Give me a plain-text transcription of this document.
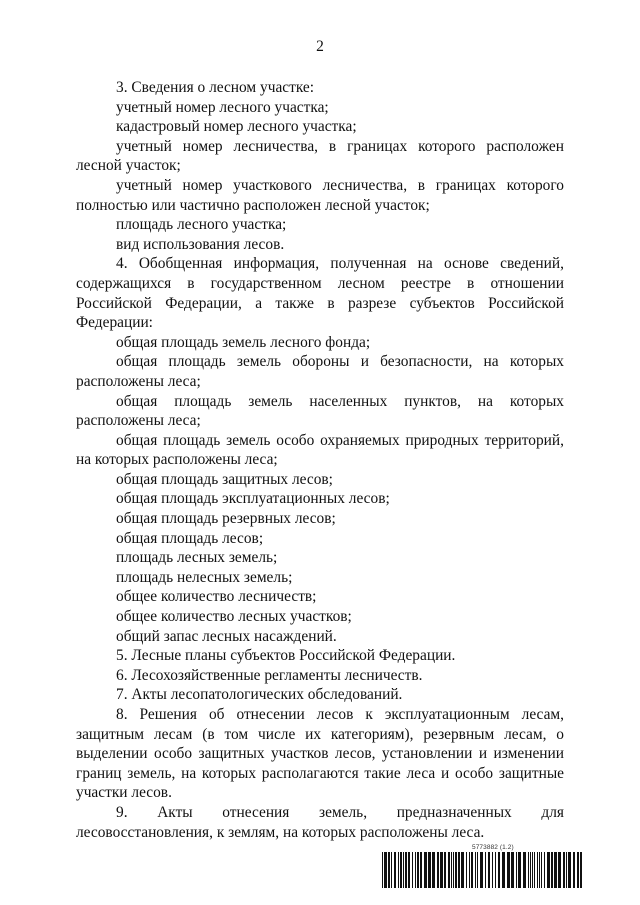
2

3. Сведения о лесном участке:

учетный номер лесного участка;

кадастровый номер лесного участка;

учетный номер лесничества, в границах которого расположен лесной участок;

учетный номер участкового лесничества, в границах которого полностью или частично расположен лесной участок;

площадь лесного участка;

вид использования лесов.

4. Обобщенная информация, полученная на основе сведений, содержащихся в государственном лесном реестре в отношении Российской Федерации, а также в разрезе субъектов Российской Федерации:

общая площадь земель лесного фонда;

общая площадь земель обороны и безопасности, на которых расположены леса;

общая площадь земель населенных пунктов, на которых расположены леса;

общая площадь земель особо охраняемых природных территорий, на которых расположены леса;

общая площадь защитных лесов;

общая площадь эксплуатационных лесов;

общая площадь резервных лесов;

общая площадь лесов;

площадь лесных земель;

площадь нелесных земель;

общее количество лесничеств;

общее количество лесных участков;

общий запас лесных насаждений.

5. Лесные планы субъектов Российской Федерации.

6. Лесохозяйственные регламенты лесничеств.

7. Акты лесопатологических обследований.

8. Решения об отнесении лесов к эксплуатационным лесам, защитным лесам (в том числе их категориям), резервным лесам, о выделении особо защитных участков лесов, установлении и изменении границ земель, на которых располагаются такие леса и особо защитные участки лесов.

9. Акты отнесения земель, предназначенных для лесовосстановления, к землям, на которых расположены леса.

5773882 (1.2)
